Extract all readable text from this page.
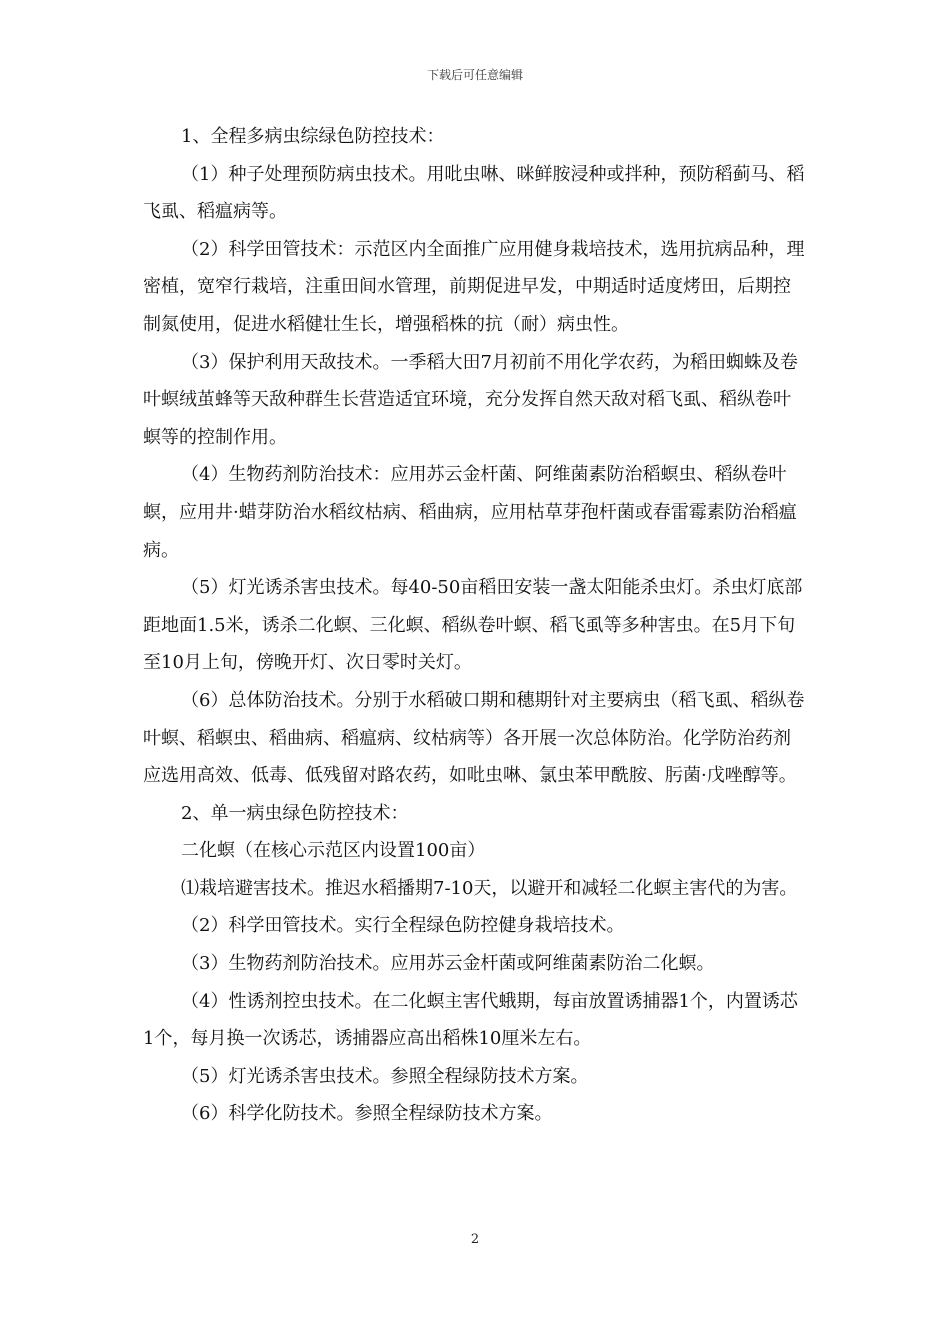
下载后可任意编辑

1、全程多病虫综绿色防控技术：

（1）种子处理预防病虫技术。用吡虫啉、咪鲜胺浸种或拌种，预防稻蓟马、稻飞虱、稻瘟病等。

（2）科学田管技术：示范区内全面推广应用健身栽培技术，选用抗病品种，理密植，宽窄行栽培，注重田间水管理，前期促进早发，中期适时适度烤田，后期控制氮使用，促进水稻健壮生长，增强稻株的抗（耐）病虫性。

（3）保护利用天敌技术。一季稻大田7月初前不用化学农药，为稻田蜘蛛及卷叶螟绒茧蜂等天敌种群生长营造适宜环境，充分发挥自然天敌对稻飞虱、稻纵卷叶螟等的控制作用。

（4）生物药剂防治技术：应用苏云金杆菌、阿维菌素防治稻螟虫、稻纵卷叶螟，应用井·蜡芽防治水稻纹枯病、稻曲病，应用枯草芽孢杆菌或春雷霉素防治稻瘟病。

（5）灯光诱杀害虫技术。每40-50亩稻田安装一盏太阳能杀虫灯。杀虫灯底部距地面1.5米，诱杀二化螟、三化螟、稻纵卷叶螟、稻飞虱等多种害虫。在5月下旬至10月上旬，傍晚开灯、次日零时关灯。

（6）总体防治技术。分别于水稻破口期和穗期针对主要病虫（稻飞虱、稻纵卷叶螟、稻螟虫、稻曲病、稻瘟病、纹枯病等）各开展一次总体防治。化学防治药剂应选用高效、低毒、低残留对路农药，如吡虫啉、氯虫苯甲酰胺、肟菌·戊唑醇等。

2、单一病虫绿色防控技术：

二化螟（在核心示范区内设置100亩）

⑴栽培避害技术。推迟水稻播期7-10天，以避开和减轻二化螟主害代的为害。

（2）科学田管技术。实行全程绿色防控健身栽培技术。

（3）生物药剂防治技术。应用苏云金杆菌或阿维菌素防治二化螟。

（4）性诱剂控虫技术。在二化螟主害代蛾期，每亩放置诱捕器1个，内置诱芯1个，每月换一次诱芯，诱捕器应高出稻株10厘米左右。

（5）灯光诱杀害虫技术。参照全程绿防技术方案。

（6）科学化防技术。参照全程绿防技术方案。

2
